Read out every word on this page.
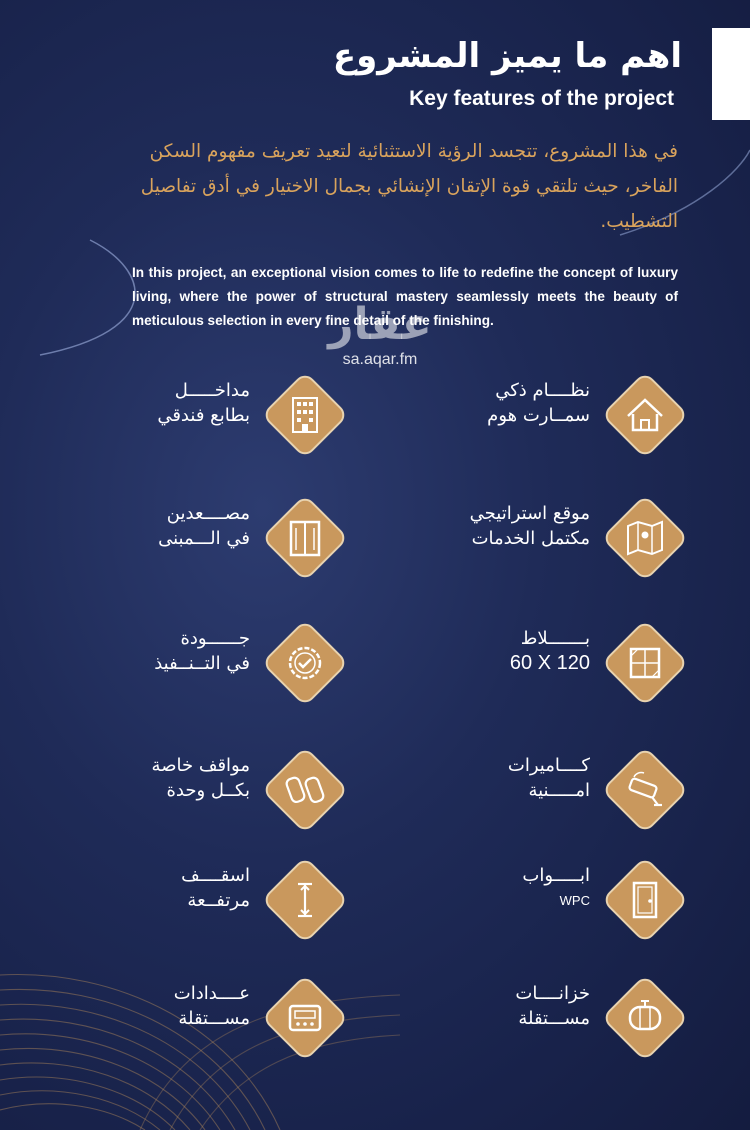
اهم ما يميز المشروع
Key features of the project
في هذا المشروع، تتجسد الرؤية الاستثنائية لتعيد تعريف مفهوم السكن الفاخر، حيث تلتقي قوة الإتقان الإنشائي بجمال الاختيار في أدق تفاصيل التشطيب.
In this project, an exceptional vision comes to life to redefine the concept of luxury living, where the power of structural mastery seamlessly meets the beauty of meticulous selection in every fine detail of the finishing.
عقار
sa.aqar.fm
مداخـــــل
بطابع فندقي
نظــــام ذكي
سمــارت هوم
مصــــعدين
في الـــمبنى
موقع استراتيجي
مكتمل الخدمات
جــــــودة
في التــنــفيذ
بـــــــلاط
60 X 120
مواقف خاصة
بكــل وحدة
كــــاميرات
امـــــنية
اسقــــف
مرتفــعة
ابـــــواب
WPC
عــــدادات
مســـتقلة
خزانــــات
مســـتقلة
